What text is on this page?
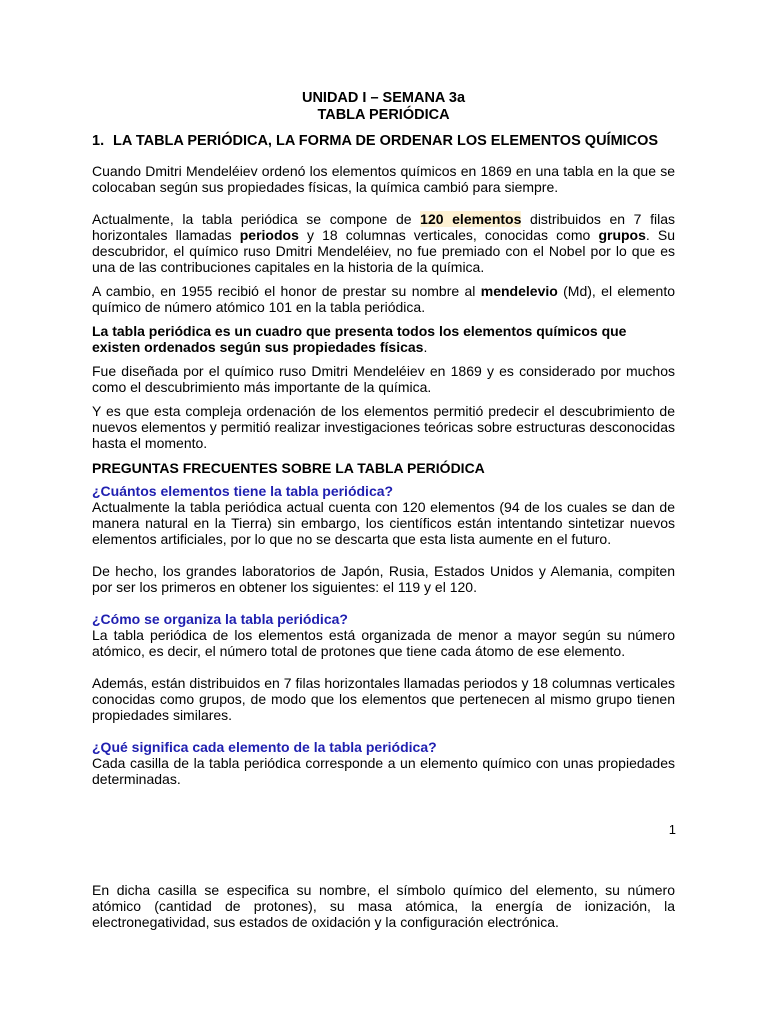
UNIDAD I – SEMANA 3a
TABLA PERIÓDICA
1. LA TABLA PERIÓDICA, LA FORMA DE ORDENAR LOS ELEMENTOS QUÍMICOS

Cuando Dmitri Mendeléiev ordenó los elementos químicos en 1869 en una tabla en la que se colocaban según sus propiedades físicas, la química cambió para siempre.

Actualmente, la tabla periódica se compone de 120 elementos distribuidos en 7 filas horizontales llamadas periodos y 18 columnas verticales, conocidas como grupos. Su descubridor, el químico ruso Dmitri Mendeléiev, no fue premiado con el Nobel por lo que es una de las contribuciones capitales en la historia de la química.

A cambio, en 1955 recibió el honor de prestar su nombre al mendelevio (Md), el elemento químico de número atómico 101 en la tabla periódica.

La tabla periódica es un cuadro que presenta todos los elementos químicos que existen ordenados según sus propiedades físicas.

Fue diseñada por el químico ruso Dmitri Mendeléiev en 1869 y es considerado por muchos como el descubrimiento más importante de la química.

Y es que esta compleja ordenación de los elementos permitió predecir el descubrimiento de nuevos elementos y permitió realizar investigaciones teóricas sobre estructuras desconocidas hasta el momento.

PREGUNTAS FRECUENTES SOBRE LA TABLA PERIÓDICA
¿Cuántos elementos tiene la tabla periódica?

Actualmente la tabla periódica actual cuenta con 120 elementos (94 de los cuales se dan de manera natural en la Tierra) sin embargo, los científicos están intentando sintetizar nuevos elementos artificiales, por lo que no se descarta que esta lista aumente en el futuro.

De hecho, los grandes laboratorios de Japón, Rusia, Estados Unidos y Alemania, compiten por ser los primeros en obtener los siguientes: el 119 y el 120.

¿Cómo se organiza la tabla periódica?

La tabla periódica de los elementos está organizada de menor a mayor según su número atómico, es decir, el número total de protones que tiene cada átomo de ese elemento.

Además, están distribuidos en 7 filas horizontales llamadas periodos y 18 columnas verticales conocidas como grupos, de modo que los elementos que pertenecen al mismo grupo tienen propiedades similares.

¿Qué significa cada elemento de la tabla periódica?

Cada casilla de la tabla periódica corresponde a un elemento químico con unas propiedades determinadas.

1

En dicha casilla se especifica su nombre, el símbolo químico del elemento, su número atómico (cantidad de protones), su masa atómica, la energía de ionización, la electronegatividad, sus estados de oxidación y la configuración electrónica.
